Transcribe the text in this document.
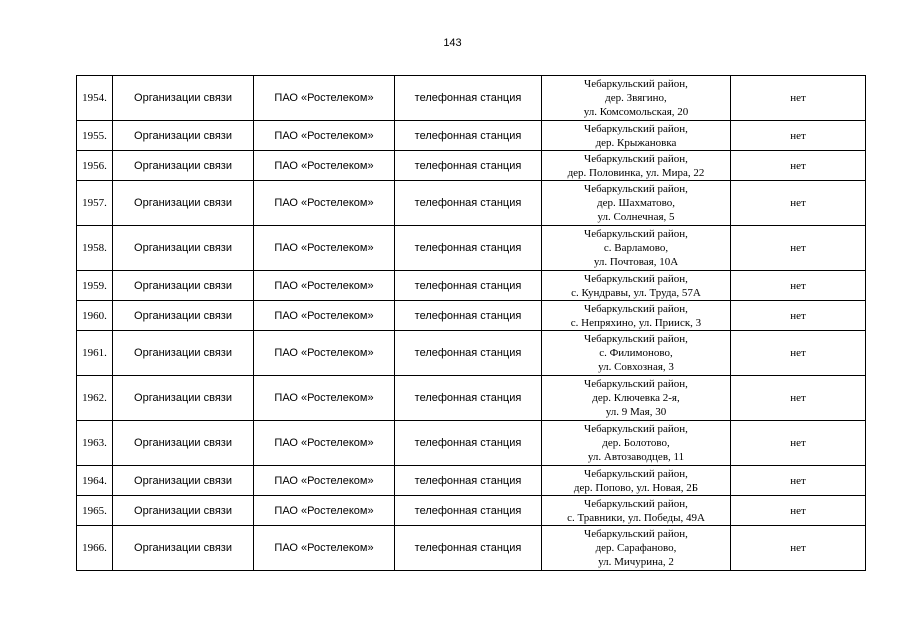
143
1954.	Организации связи	ПАО «Ростелеком»	телефонная станция	Чебаркульский район,
дер. Звягино,
ул. Комсомольская, 20	нет
1955.	Организации связи	ПАО «Ростелеком»	телефонная станция	Чебаркульский район,
дер. Крыжановка	нет
1956.	Организации связи	ПАО «Ростелеком»	телефонная станция	Чебаркульский район,
дер. Половинка, ул. Мира, 22	нет
1957.	Организации связи	ПАО «Ростелеком»	телефонная станция	Чебаркульский район,
дер. Шахматово,
ул. Солнечная, 5	нет
1958.	Организации связи	ПАО «Ростелеком»	телефонная станция	Чебаркульский район,
с. Варламово,
ул. Почтовая, 10А	нет
1959.	Организации связи	ПАО «Ростелеком»	телефонная станция	Чебаркульский район,
с. Кундравы, ул. Труда, 57А	нет
1960.	Организации связи	ПАО «Ростелеком»	телефонная станция	Чебаркульский район,
с. Непряхино, ул. Прииск, 3	нет
1961.	Организации связи	ПАО «Ростелеком»	телефонная станция	Чебаркульский район,
с. Филимоново,
ул. Совхозная, 3	нет
1962.	Организации связи	ПАО «Ростелеком»	телефонная станция	Чебаркульский район,
дер. Ключевка 2-я,
ул. 9 Мая, 30	нет
1963.	Организации связи	ПАО «Ростелеком»	телефонная станция	Чебаркульский район,
дер. Болотово,
ул. Автозаводцев, 11	нет
1964.	Организации связи	ПАО «Ростелеком»	телефонная станция	Чебаркульский район,
дер. Попово, ул. Новая, 2Б	нет
1965.	Организации связи	ПАО «Ростелеком»	телефонная станция	Чебаркульский район,
с. Травники, ул. Победы, 49А	нет
1966.	Организации связи	ПАО «Ростелеком»	телефонная станция	Чебаркульский район,
дер. Сарафаново,
ул. Мичурина, 2	нет
